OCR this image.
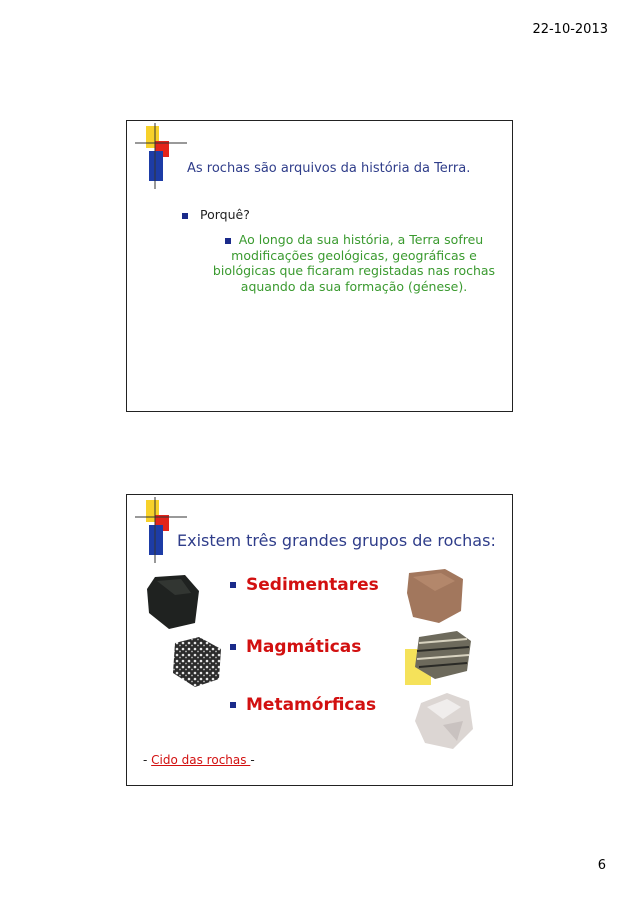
22-10-2013
As rochas são arquivos da história da Terra.
Porquê?
Ao longo da sua história, a Terra sofreu modificações geológicas, geográficas e biológicas que ficaram registadas nas rochas aquando da sua formação (génese).
Existem três grandes grupos de rochas:
Sedimentares
Magmáticas
Metamórficas
- Cido das rochas -
6
